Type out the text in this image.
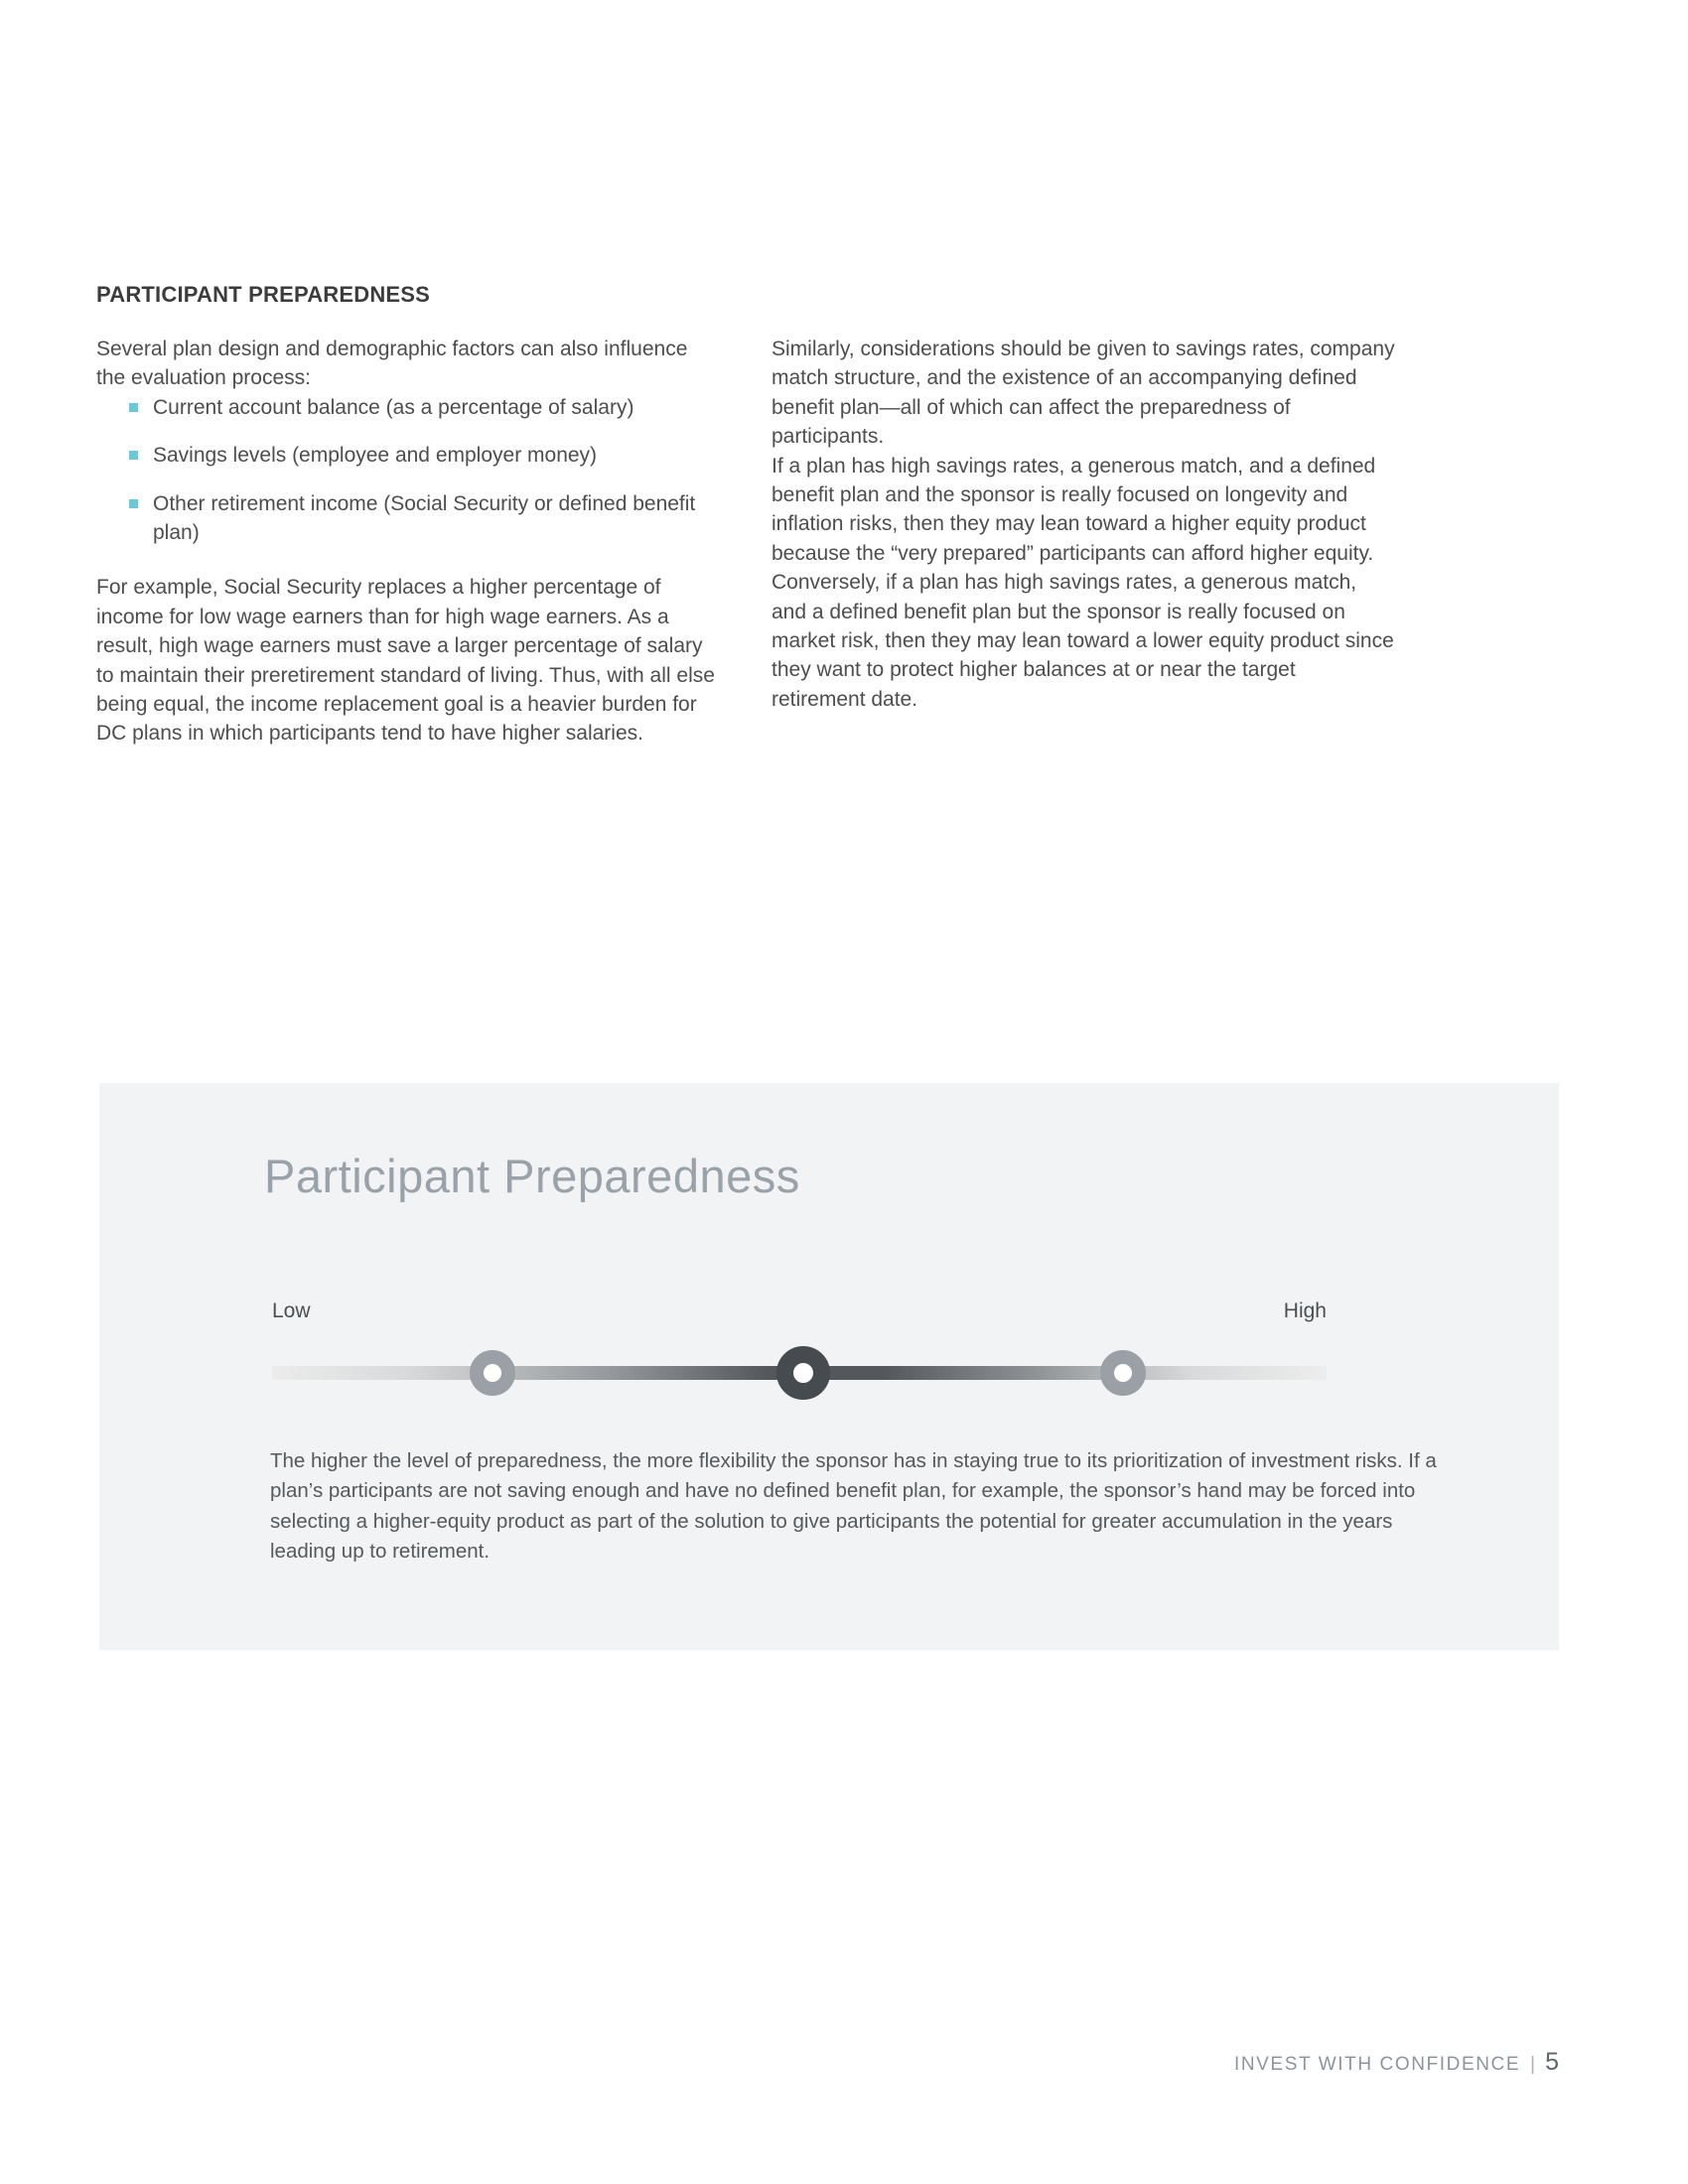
PARTICIPANT PREPAREDNESS

Several plan design and demographic factors can also influence the evaluation process:

Current account balance (as a percentage of salary)
Savings levels (employee and employer money)
Other retirement income (Social Security or defined benefit plan)

For example, Social Security replaces a higher percentage of income for low wage earners than for high wage earners. As a result, high wage earners must save a larger percentage of salary to maintain their preretirement standard of living. Thus, with all else being equal, the income replacement goal is a heavier burden for DC plans in which participants tend to have higher salaries.

Similarly, considerations should be given to savings rates, company match structure, and the existence of an accompanying defined benefit plan—all of which can affect the preparedness of participants.

If a plan has high savings rates, a generous match, and a defined benefit plan and the sponsor is really focused on longevity and inflation risks, then they may lean toward a higher equity product because the “very prepared” participants can afford higher equity. Conversely, if a plan has high savings rates, a generous match, and a defined benefit plan but the sponsor is really focused on market risk, then they may lean toward a lower equity product since they want to protect higher balances at or near the target retirement date.

Participant Preparedness
Low	High

The higher the level of preparedness, the more flexibility the sponsor has in staying true to its prioritization of investment risks. If a plan’s participants are not saving enough and have no defined benefit plan, for example, the sponsor’s hand may be forced into selecting a higher-equity product as part of the solution to give participants the potential for greater accumulation in the years leading up to retirement.

INVEST WITH CONFIDENCE | 5
